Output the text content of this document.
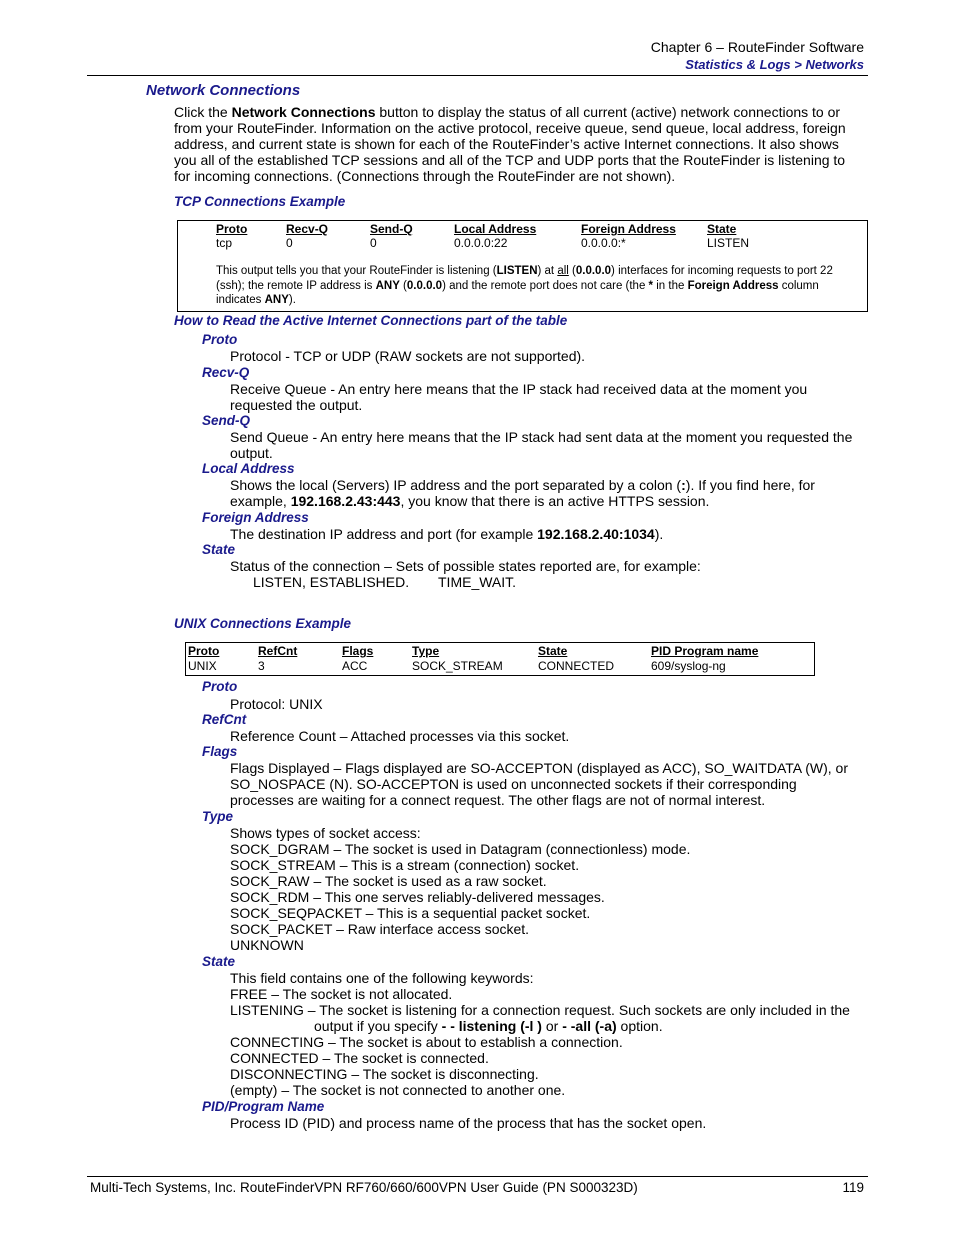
Chapter 6 – RouteFinder Software
Statistics & Logs > Networks
Network Connections
Click the Network Connections button to display the status of all current (active) network connections to or from your RouteFinder. Information on the active protocol, receive queue, send queue, local address, foreign address, and current state is shown for each of the RouteFinder’s active Internet connections. It also shows you all of the established TCP sessions and all of the TCP and UDP ports that the RouteFinder is listening to for incoming connections. (Connections through the RouteFinder are not shown).
TCP Connections Example
Proto	Recv-Q	Send-Q	Local Address	Foreign Address	State
tcp	0	0	0.0.0.0:22	0.0.0.0:*	LISTEN
This output tells you that your RouteFinder is listening (LISTEN) at all (0.0.0.0) interfaces for incoming requests to port 22 (ssh); the remote IP address is ANY (0.0.0.0) and the remote port does not care (the * in the Foreign Address column indicates ANY).
How to Read the Active Internet Connections part of the table
Proto
Protocol - TCP or UDP (RAW sockets are not supported).
Recv-Q
Receive Queue - An entry here means that the IP stack had received data at the moment you requested the output.
Send-Q
Send Queue - An entry here means that the IP stack had sent data at the moment you requested the output.
Local Address
Shows the local (Servers) IP address and the port separated by a colon (:). If you find here, for example, 192.168.2.43:443, you know that there is an active HTTPS session.
Foreign Address
The destination IP address and port (for example 192.168.2.40:1034).
State
Status of the connection – Sets of possible states reported are, for example:
LISTEN, ESTABLISHED. TIME_WAIT.
UNIX Connections Example
Proto	RefCnt	Flags	Type	State	PID Program name
UNIX	3	ACC	SOCK_STREAM	CONNECTED	609/syslog-ng
Proto
Protocol: UNIX
RefCnt
Reference Count – Attached processes via this socket.
Flags
Flags Displayed – Flags displayed are SO-ACCEPTON (displayed as ACC), SO_WAITDATA (W), or SO_NOSPACE (N). SO-ACCEPTON is used on unconnected sockets if their corresponding processes are waiting for a connect request. The other flags are not of normal interest.
Type
Shows types of socket access:
SOCK_DGRAM – The socket is used in Datagram (connectionless) mode.
SOCK_STREAM – This is a stream (connection) socket.
SOCK_RAW – The socket is used as a raw socket.
SOCK_RDM – This one serves reliably-delivered messages.
SOCK_SEQPACKET – This is a sequential packet socket.
SOCK_PACKET – Raw interface access socket.
UNKNOWN
State
This field contains one of the following keywords:
FREE – The socket is not allocated.
LISTENING – The socket is listening for a connection request. Such sockets are only included in the
output if you specify - - listening (-l ) or - -all (-a) option.
CONNECTING – The socket is about to establish a connection.
CONNECTED – The socket is connected.
DISCONNECTING – The socket is disconnecting.
(empty) – The socket is not connected to another one.
PID/Program Name
Process ID (PID) and process name of the process that has the socket open.
Multi-Tech Systems, Inc. RouteFinderVPN RF760/660/600VPN User Guide (PN S000323D)	119
